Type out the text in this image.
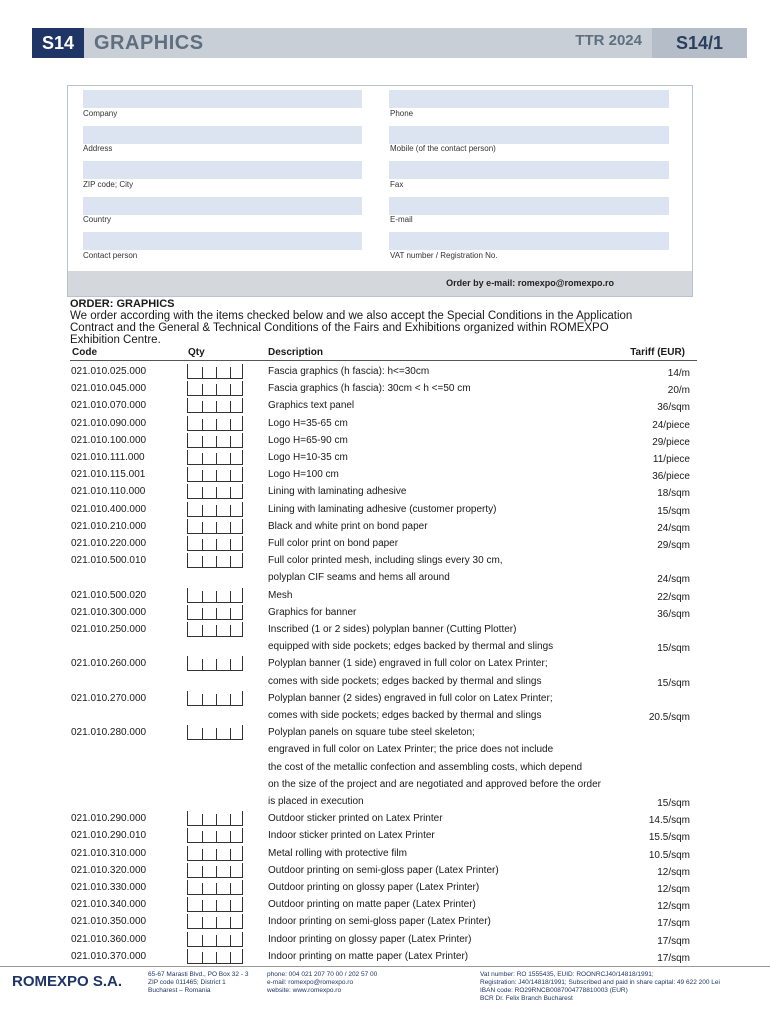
S14 GRAPHICS	TTR 2024	S14/1
Company	Phone
Address	Mobile (of the contact person)
ZIP code; City	Fax
Country	E-mail
Contact person	VAT number / Registration No.
Order by e-mail: romexpo@romexpo.ro
ORDER: GRAPHICS
We order according with the items checked below and we also accept the Special Conditions in the Application
Contract and the General & Technical Conditions of the Fairs and Exhibitions organized within ROMEXPO
Exhibition Centre.
Code	Qty	Description	Tariff (EUR)
021.010.025.000	Fascia graphics (h fascia): h<=30cm	14/m
021.010.045.000	Fascia graphics (h fascia): 30cm < h <=50 cm	20/m
021.010.070.000	Graphics text panel	36/sqm
021.010.090.000	Logo H=35-65 cm	24/piece
021.010.100.000	Logo H=65-90 cm	29/piece
021.010.111.000	Logo H=10-35 cm	11/piece
021.010.115.001	Logo H=100 cm	36/piece
021.010.110.000	Lining with laminating adhesive	18/sqm
021.010.400.000	Lining with laminating adhesive (customer property)	15/sqm
021.010.210.000	Black and white print on bond paper	24/sqm
021.010.220.000	Full color print on bond paper	29/sqm
021.010.500.010	Full color printed mesh, including slings every 30 cm,
polyplan CIF seams and hems all around	24/sqm
021.010.500.020	Mesh	22/sqm
021.010.300.000	Graphics for banner	36/sqm
021.010.250.000	Inscribed (1 or 2 sides) polyplan banner (Cutting Plotter)
equipped with side pockets; edges backed by thermal and slings	15/sqm
021.010.260.000	Polyplan banner (1 side) engraved in full color on Latex Printer;
comes with side pockets; edges backed by thermal and slings	15/sqm
021.010.270.000	Polyplan banner (2 sides) engraved in full color on Latex Printer;
comes with side pockets; edges backed by thermal and slings	20.5/sqm
021.010.280.000	Polyplan panels on square tube steel skeleton;
engraved in full color on Latex Printer; the price does not include
the cost of the metallic confection and assembling costs, which depend
on the size of the project and are negotiated and approved before the order
is placed in execution	15/sqm
021.010.290.000	Outdoor sticker printed on Latex Printer	14.5/sqm
021.010.290.010	Indoor sticker printed on Latex Printer	15.5/sqm
021.010.310.000	Metal rolling with protective film	10.5/sqm
021.010.320.000	Outdoor printing on semi-gloss paper (Latex Printer)	12/sqm
021.010.330.000	Outdoor printing on glossy paper (Latex Printer)	12/sqm
021.010.340.000	Outdoor printing on matte paper (Latex Printer)	12/sqm
021.010.350.000	Indoor printing on semi-gloss paper (Latex Printer)	17/sqm
021.010.360.000	Indoor printing on glossy paper (Latex Printer)	17/sqm
021.010.370.000	Indoor printing on matte paper (Latex Printer)	17/sqm
ROMEXPO S.A.	65-67 Marasti Blvd., PO Box 32 - 3
ZIP code 011465; District 1
Bucharest – Romania
phone: 004 021 207 70 00 / 202 57 00
e-mail: romexpo@romexpo.ro
website: www.romexpo.ro
Vat number: RO 1555435, EUID: ROONRCJ40/14818/1991;
Registration: J40/14818/1991; Subscribed and paid in share capital: 49 622 200 Lei
IBAN code: RO29RNCB0087004778810003 (EUR)
BCR Dr. Felix Branch Bucharest
